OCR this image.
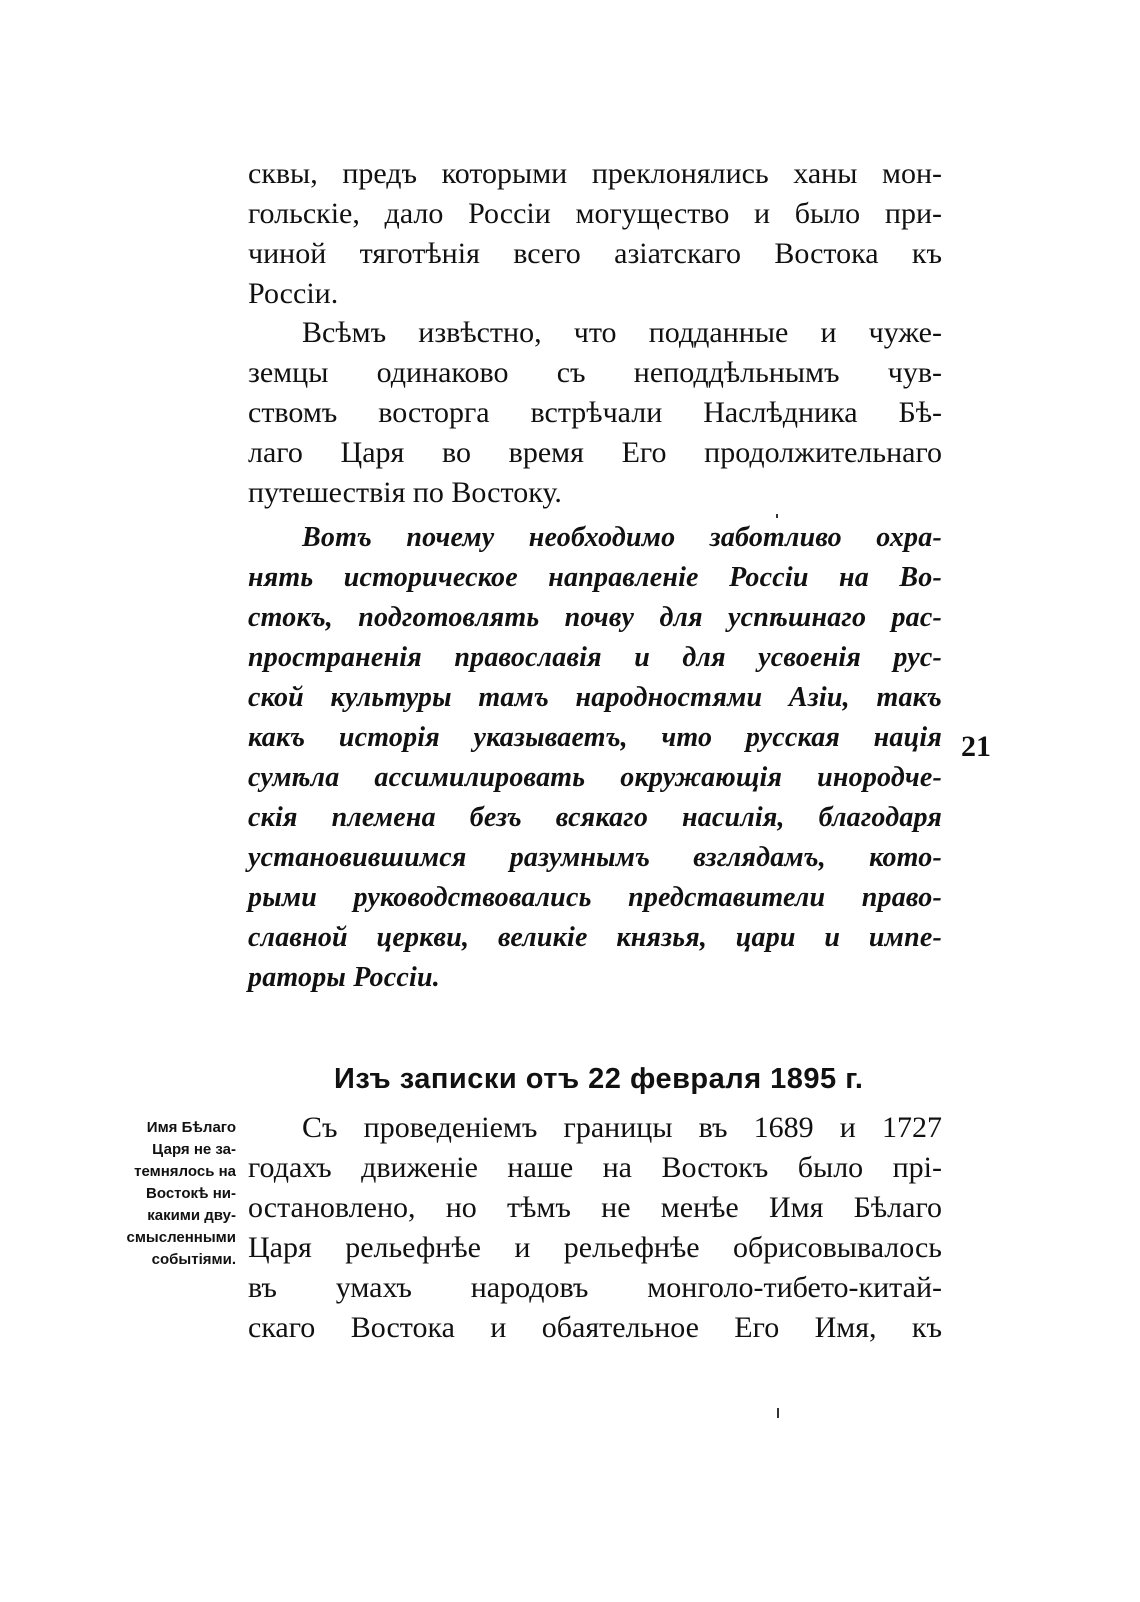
сквы, предъ которыми преклонялись ханы мон-
гольскіе, дало Россіи могущество и было при-
чиной тяготѣнія всего азіатскаго Востока къ
Россіи.
Всѣмъ извѣстно, что подданные и чуже-
земцы одинаково съ неподдѣльнымъ чув-
ствомъ восторга встрѣчали Наслѣдника Бѣ-
лаго Царя во время Его продолжительнаго
путешествія по Востоку.
Вотъ почему необходимо заботливо охра-
нять историческое направленіе Россіи на Во-
стокъ, подготовлять почву для успѣшнаго рас-
пространенія православія и для усвоенія рус-
ской культуры тамъ народностями Азіи, такъ
какъ исторія указываетъ, что русская нація
сумѣла ассимилировать окружающія инородче-
скія племена безъ всякаго насилія, благодаря
установившимся разумнымъ взглядамъ, кото-
рыми руководствовались представители право-
славной церкви, великіе князья, цари и импе-
раторы Россіи.
21
Изъ записки отъ 22 февраля 1895 г.
Имя Бѣлаго
Царя не за-
темнялось на
Востокѣ ни-
какими дву-
смысленными
событіями.
Съ проведеніемъ границы въ 1689 и 1727
годахъ движеніе наше на Востокъ было прі-
остановлено, но тѣмъ не менѣе Имя Бѣлаго
Царя рельефнѣе и рельефнѣе обрисовывалось
въ умахъ народовъ монголо-тибето-китай-
скаго Востока и обаятельное Его Имя, къ
